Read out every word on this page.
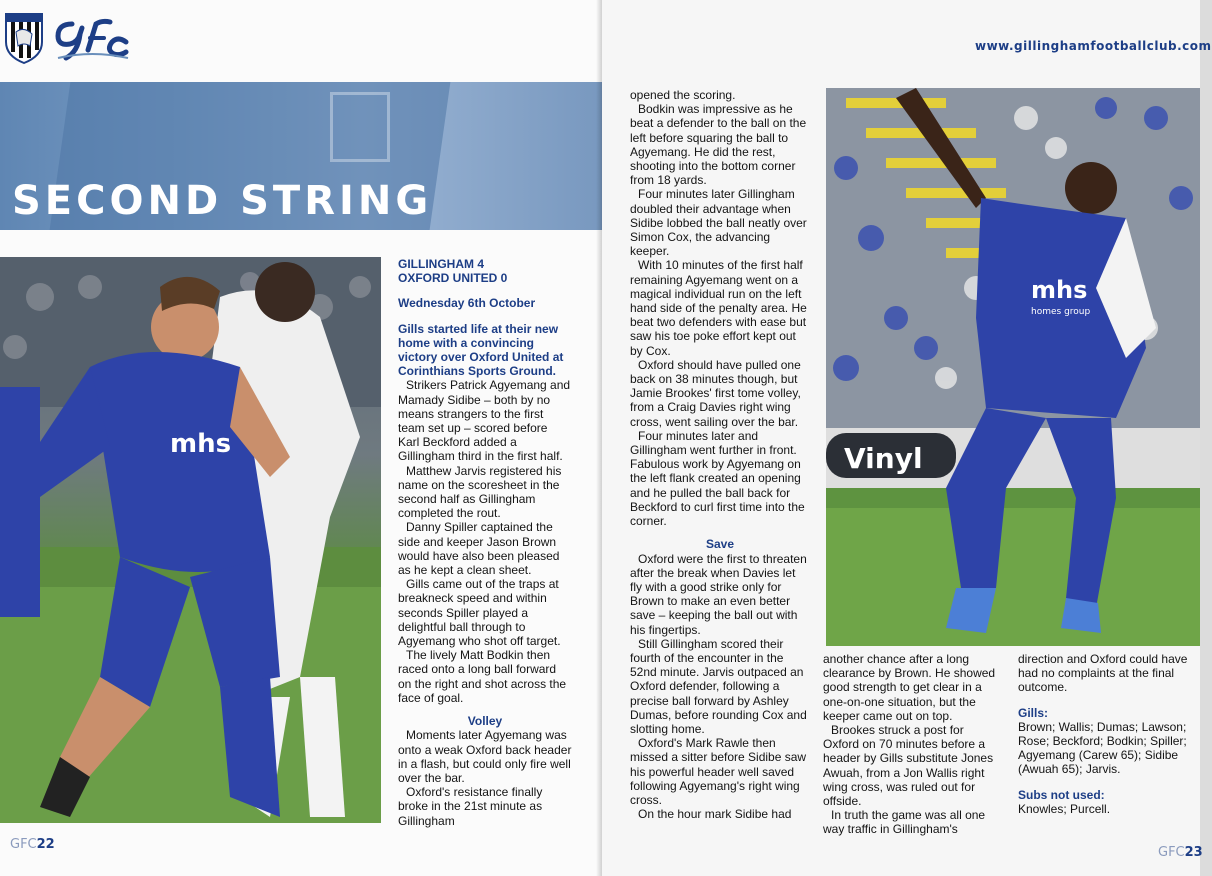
SECOND STRING
mhs

GILLINGHAM 4

OXFORD UNITED 0

Wednesday 6th October

Gills started life at their new home with a convincing victory over Oxford United at Corinthians Sports Ground.

Strikers Patrick Agyemang and Mamady Sidibe – both by no means strangers to the first team set up – scored before Karl Beckford added a Gillingham third in the first half.

Matthew Jarvis registered his name on the scoresheet in the second half as Gillingham completed the rout.

Danny Spiller captained the side and keeper Jason Brown would have also been pleased as he kept a clean sheet.

Gills came out of the traps at breakneck speed and within seconds Spiller played a delightful ball through to Agyemang who shot off target.

The lively Matt Bodkin then raced onto a long ball forward on the right and shot across the face of goal.

Volley

Moments later Agyemang was onto a weak Oxford back header in a flash, but could only fire well over the bar.

Oxford's resistance finally broke in the 21st minute as Gillingham

GFC22
www.gillinghamfootballclub.com

opened the scoring.

Bodkin was impressive as he beat a defender to the ball on the left before squaring the ball to Agyemang. He did the rest, shooting into the bottom corner from 18 yards.

Four minutes later Gillingham doubled their advantage when Sidibe lobbed the ball neatly over Simon Cox, the advancing keeper.

With 10 minutes of the first half remaining Agyemang went on a magical individual run on the left hand side of the penalty area. He beat two defenders with ease but saw his toe poke effort kept out by Cox.

Oxford should have pulled one back on 38 minutes though, but Jamie Brookes' first tome volley, from a Craig Davies right wing cross, went sailing over the bar.

Four minutes later and Gillingham went further in front. Fabulous work by Agyemang on the left flank created an opening and he pulled the ball back for Beckford to curl first time into the corner.

Save

Oxford were the first to threaten after the break when Davies let fly with a good strike only for Brown to make an even better save – keeping the ball out with his fingertips.

Still Gillingham scored their fourth of the encounter in the 52nd minute. Jarvis outpaced an Oxford defender, following a precise ball forward by Ashley Dumas, before rounding Cox and slotting home.

Oxford's Mark Rawle then missed a sitter before Sidibe saw his powerful header well saved following Agyemang's right wing cross.

On the hour mark Sidibe had

Vinyl
mhs
homes group

another chance after a long clearance by Brown. He showed good strength to get clear in a one-on-one situation, but the keeper came out on top.

Brookes struck a post for Oxford on 70 minutes before a header by Gills substitute Jones Awuah, from a Jon Wallis right wing cross, was ruled out for offside.

In truth the game was all one way traffic in Gillingham's

direction and Oxford could have had no complaints at the final outcome.

Gills:

Brown; Wallis; Dumas; Lawson; Rose; Beckford; Bodkin; Spiller; Agyemang (Carew 65); Sidibe (Awuah 65); Jarvis.

Subs not used:

Knowles; Purcell.

GFC23
